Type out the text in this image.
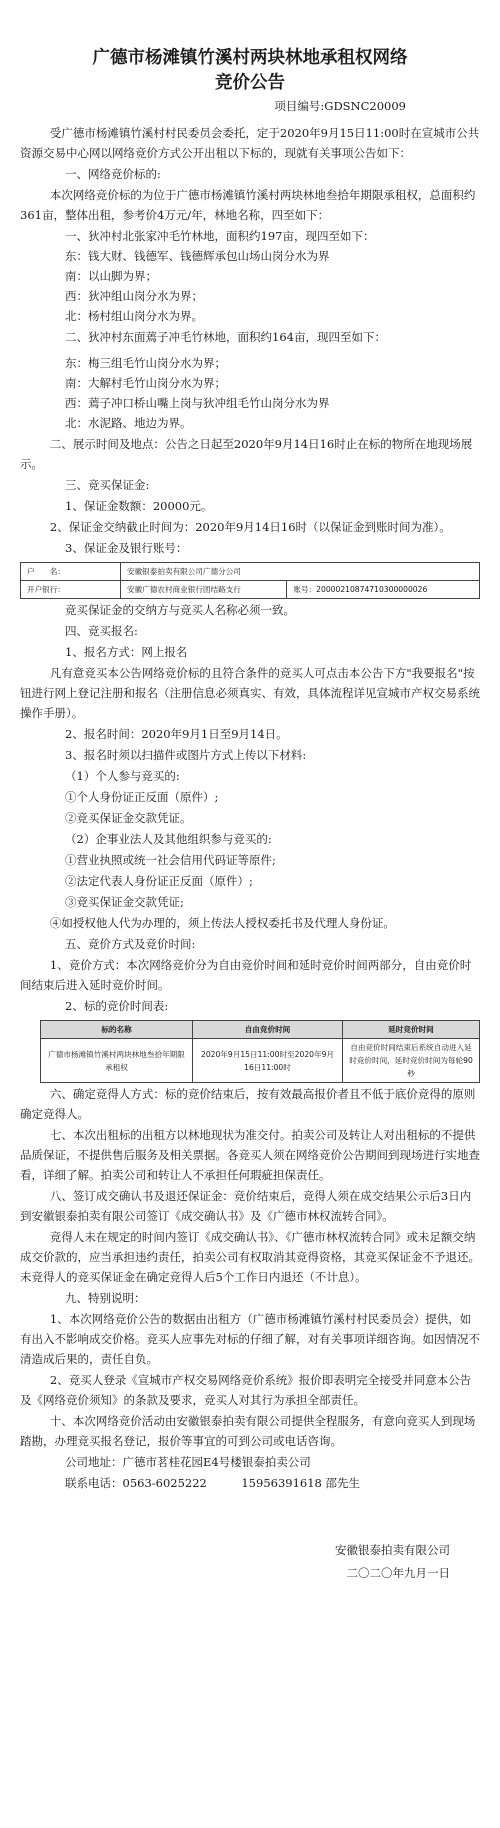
广德市杨滩镇竹溪村两块林地承租权网络
竞价公告
项目编号:GDSNC20009
受广德市杨滩镇竹溪村村民委员会委托，定于2020年9月15日11:00时在宣城市公共资源交易中心网以网络竞价方式公开出租以下标的，现就有关事项公告如下：
一、网络竞价标的:
本次网络竞价标的为位于广德市杨滩镇竹溪村两块林地叁拾年期限承租权，总面积约361亩，整体出租，参考价4万元/年，林地名称，四至如下：
一、狄冲村北张家冲毛竹林地，面积约197亩，现四至如下：
东：钱大财、钱德军、钱德辉承包山场山岗分水为界
南：以山脚为界；
西：狄冲组山岗分水为界；
北：杨村组山岗分水为界。
二、狄冲村东面蔫子冲毛竹林地，面积约164亩，现四至如下：
东：梅三组毛竹山岗分水为界；
南：大解村毛竹山岗分水为界；
西：蔫子冲口桥山嘴上岗与狄冲组毛竹山岗分水为界
北：水泥路、地边为界。
二、展示时间及地点：公告之日起至2020年9月14日16时止在标的物所在地现场展示。
三、竞买保证金:
1、保证金数额：20000元。
2、保证金交纳截止时间为：2020年9月14日16时（以保证金到账时间为准）。
3、保证金及银行账号：
户　　名：	安徽银泰拍卖有限公司广德分公司	
开户银行：	安徽广德农村商业银行团结路支行	账号：20000210874710300000026
竞买保证金的交纳方与竞买人名称必须一致。
四、竞买报名:
1、报名方式：网上报名
凡有意竞买本公告网络竞价标的且符合条件的竞买人可点击本公告下方"我要报名"按钮进行网上登记注册和报名（注册信息必须真实、有效，具体流程详见宣城市产权交易系统操作手册）。
2、报名时间：2020年9月1日至9月14日。
3、报名时须以扫描件或图片方式上传以下材料:
（1）个人参与竞买的:
①个人身份证正反面（原件）;
②竞买保证金交款凭证。
（2）企事业法人及其他组织参与竞买的:
①营业执照或统一社会信用代码证等原件;
②法定代表人身份证正反面（原件）;
③竞买保证金交款凭证;
④如授权他人代为办理的，须上传法人授权委托书及代理人身份证。
五、竞价方式及竞价时间:
1、竞价方式：本次网络竞价分为自由竞价时间和延时竞价时间两部分，自由竞价时间结束后进入延时竞价时间。
2、标的竞价时间表:
标的名称	自由竞价时间	延时竞价时间
广德市杨滩镇竹溪村两块林地叁拾年期限承租权	2020年9月15日11:00时至2020年9月16日11:00时	自由竞价时间结束后系统自动进入延时竞价时间，延时竞价时间为每轮90秒
六、确定竞得人方式：标的竞价结束后，按有效最高报价者且不低于底价竞得的原则确定竞得人。
七、本次出租标的出租方以林地现状为准交付。拍卖公司及转让人对出租标的不提供品质保证，不提供售后服务及相关票据。各竞买人须在网络竞价公告期间到现场进行实地查看，详细了解。拍卖公司和转让人不承担任何瑕疵担保责任。
八、签订成交确认书及退还保证金：竞价结束后，竞得人须在成交结果公示后3日内到安徽银泰拍卖有限公司签订《成交确认书》及《广德市林权流转合同》。
竞得人未在规定的时间内签订《成交确认书》、《广德市林权流转合同》或未足额交纳成交价款的，应当承担违约责任，拍卖公司有权取消其竞得资格，其竞买保证金不予退还。未竞得人的竞买保证金在确定竞得人后5个工作日内退还（不计息）。
九、特别说明：
1、本次网络竞价公告的数据由出租方（广德市杨滩镇竹溪村村民委员会）提供，如有出入不影响成交价格。竞买人应事先对标的仔细了解，对有关事项详细咨询。如因情况不清造成后果的，责任自负。
2、竞买人登录《宣城市产权交易网络竞价系统》报价即表明完全接受并同意本公告及《网络竞价须知》的条款及要求，竞买人对其行为承担全部责任。
十、本次网络竞价活动由安徽银泰拍卖有限公司提供全程服务，有意向竞买人到现场踏勘，办理竞买报名登记，报价等事宜的可到公司或电话咨询。
公司地址：广德市茗桂花园E4号楼银泰拍卖公司
联系电话：0563-6025222　　　15956391618 邵先生
安徽银泰拍卖有限公司
二〇二〇年九月一日
